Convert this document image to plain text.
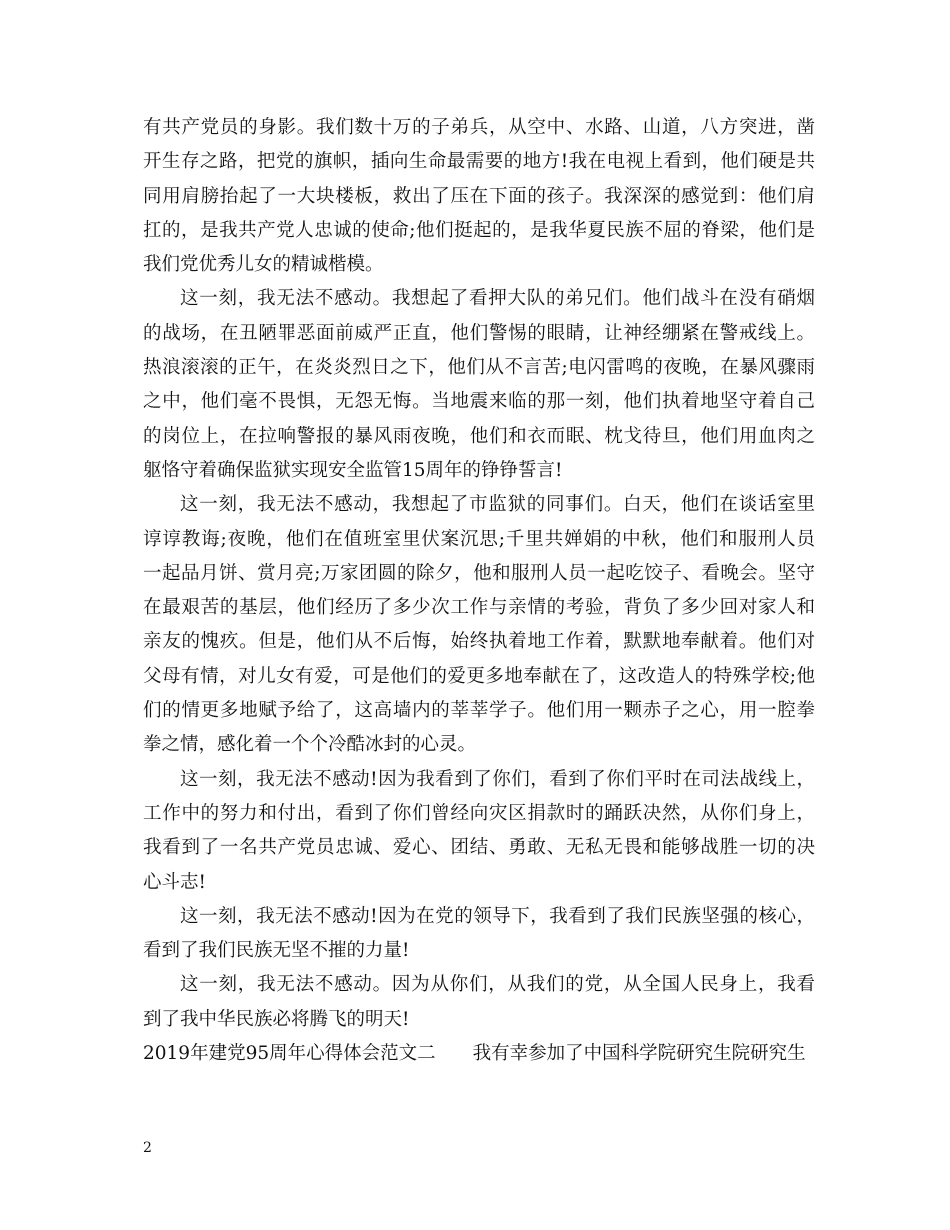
有共产党员的身影。我们数十万的子弟兵，从空中、水路、山道，八方突进，凿
开生存之路，把党的旗帜，插向生命最需要的地方!我在电视上看到，他们硬是共
同用肩膀抬起了一大块楼板，救出了压在下面的孩子。我深深的感觉到：他们肩
扛的，是我共产党人忠诚的使命;他们挺起的，是我华夏民族不屈的脊梁，他们是
我们党优秀儿女的精诚楷模。
这一刻，我无法不感动。我想起了看押大队的弟兄们。他们战斗在没有硝烟
的战场，在丑陋罪恶面前威严正直，他们警惕的眼睛，让神经绷紧在警戒线上。
热浪滚滚的正午，在炎炎烈日之下，他们从不言苦;电闪雷鸣的夜晚，在暴风骤雨
之中，他们毫不畏惧，无怨无悔。当地震来临的那一刻，他们执着地坚守着自己
的岗位上，在拉响警报的暴风雨夜晚，他们和衣而眠、枕戈待旦，他们用血肉之
躯恪守着确保监狱实现安全监管15周年的铮铮誓言!
这一刻，我无法不感动，我想起了市监狱的同事们。白天，他们在谈话室里
谆谆教诲;夜晚，他们在值班室里伏案沉思;千里共婵娟的中秋，他们和服刑人员
一起品月饼、赏月亮;万家团圆的除夕，他和服刑人员一起吃饺子、看晚会。坚守
在最艰苦的基层，他们经历了多少次工作与亲情的考验，背负了多少回对家人和
亲友的愧疚。但是，他们从不后悔，始终执着地工作着，默默地奉献着。他们对
父母有情，对儿女有爱，可是他们的爱更多地奉献在了，这改造人的特殊学校;他
们的情更多地赋予给了，这高墙内的莘莘学子。他们用一颗赤子之心，用一腔拳
拳之情，感化着一个个冷酷冰封的心灵。
这一刻，我无法不感动!因为我看到了你们，看到了你们平时在司法战线上，
工作中的努力和付出，看到了你们曾经向灾区捐款时的踊跃决然，从你们身上，
我看到了一名共产党员忠诚、爱心、团结、勇敢、无私无畏和能够战胜一切的决
心斗志!
这一刻，我无法不感动!因为在党的领导下，我看到了我们民族坚强的核心，
看到了我们民族无坚不摧的力量!
这一刻，我无法不感动。因为从你们，从我们的党，从全国人民身上，我看
到了我中华民族必将腾飞的明天!
2019年建党95周年心得体会范文二　　我有幸参加了中国科学院研究生院研究生
2
